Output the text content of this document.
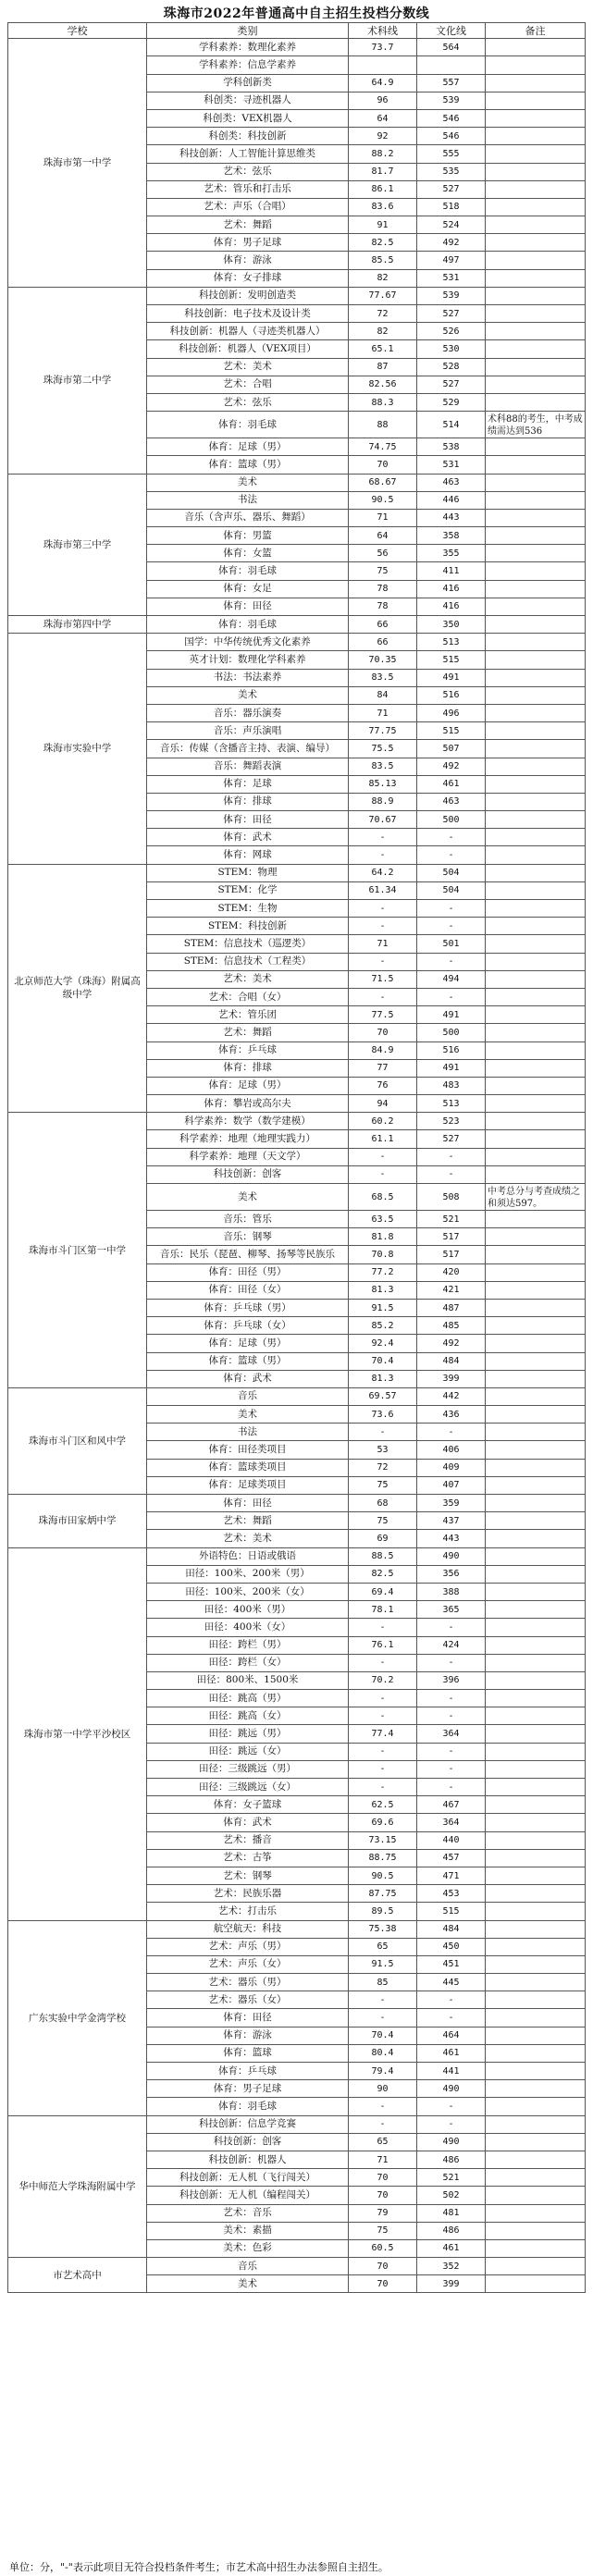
珠海市2022年普通高中自主招生投档分数线
学校	类别	术科线	文化线	备注
珠海市第一中学	学科素养：数理化素养	73.7	564	
	学科素养：信息学素养			
	学科创新类	64.9	557	
	科创类：寻迹机器人	96	539	
	科创类：VEX机器人	64	546	
	科创类：科技创新	92	546	
	科技创新：人工智能计算思维类	88.2	555	
	艺术：弦乐	81.7	535	
	艺术：管乐和打击乐	86.1	527	
	艺术：声乐（合唱）	83.6	518	
	艺术：舞蹈	91	524	
	体育：男子足球	82.5	492	
	体育：游泳	85.5	497	
	体育：女子排球	82	531	
珠海市第二中学	科技创新：发明创造类	77.67	539	
	科技创新：电子技术及设计类	72	527	
	科技创新：机器人（寻迹类机器人）	82	526	
	科技创新：机器人（VEX项目）	65.1	530	
	艺术：美术	87	528	
	艺术：合唱	82.56	527	
	艺术：弦乐	88.3	529	
	体育：羽毛球	88	514	术科88的考生，中考成绩需达到536
	体育：足球（男）	74.75	538	
	体育：篮球（男）	70	531	
珠海市第三中学	美术	68.67	463	
	书法	90.5	446	
	音乐（含声乐、器乐、舞蹈）	71	443	
	体育：男篮	64	358	
	体育：女篮	56	355	
	体育：羽毛球	75	411	
	体育：女足	78	416	
	体育：田径	78	416	
珠海市第四中学	体育：羽毛球	66	350	
珠海市实验中学	国学：中华传统优秀文化素养	66	513	
	英才计划：数理化学科素养	70.35	515	
	书法：书法素养	83.5	491	
	美术	84	516	
	音乐：器乐演奏	71	496	
	音乐：声乐演唱	77.75	515	
	音乐：传媒（含播音主持、表演、编导）	75.5	507	
	音乐：舞蹈表演	83.5	492	
	体育：足球	85.13	461	
	体育：排球	88.9	463	
	体育：田径	70.67	500	
	体育：武术	-	-	
	体育：网球	-	-	
北京师范大学（珠海）附属高级中学	STEM：物理	64.2	504	
	STEM：化学	61.34	504	
	STEM：生物	-	-	
	STEM：科技创新	-	-	
	STEM：信息技术（巡逻类）	71	501	
	STEM：信息技术（工程类）	-	-	
	艺术：美术	71.5	494	
	艺术：合唱（女）	-	-	
	艺术：管乐团	77.5	491	
	艺术：舞蹈	70	500	
	体育：乒乓球	84.9	516	
	体育：排球	77	491	
	体育：足球（男）	76	483	
	体育：攀岩或高尔夫	94	513	
珠海市斗门区第一中学	科学素养：数学（数学建模）	60.2	523	
	科学素养：地理（地理实践力）	61.1	527	
	科学素养：地理（天文学）	-	-	
	科技创新：创客	-	-	
	美术	68.5	508	中考总分与考查成绩之和须达597。
	音乐：管乐	63.5	521	
	音乐：钢琴	81.8	517	
	音乐：民乐（琵琶、柳琴、扬琴等民族乐	70.8	517	
	体育：田径（男）	77.2	420	
	体育：田径（女）	81.3	421	
	体育：乒乓球（男）	91.5	487	
	体育：乒乓球（女）	85.2	485	
	体育：足球（男）	92.4	492	
	体育：篮球（男）	70.4	484	
	体育：武术	81.3	399	
珠海市斗门区和风中学	音乐	69.57	442	
	美术	73.6	436	
	书法	-	-	
	体育：田径类项目	53	406	
	体育：篮球类项目	72	409	
	体育：足球类项目	75	407	
珠海市田家炳中学	体育：田径	68	359	
	艺术：舞蹈	75	437	
	艺术：美术	69	443	
珠海市第一中学平沙校区	外语特色：日语或俄语	88.5	490	
	田径：100米、200米（男）	82.5	356	
	田径：100米、200米（女）	69.4	388	
	田径：400米（男）	78.1	365	
	田径：400米（女）	-	-	
	田径：跨栏（男）	76.1	424	
	田径：跨栏（女）	-	-	
	田径：800米、1500米	70.2	396	
	田径：跳高（男）	-	-	
	田径：跳高（女）	-	-	
	田径：跳远（男）	77.4	364	
	田径：跳远（女）	-	-	
	田径：三级跳远（男）	-	-	
	田径：三级跳远（女）	-	-	
	体育：女子篮球	62.5	467	
	体育：武术	69.6	364	
	艺术：播音	73.15	440	
	艺术：古筝	88.75	457	
	艺术：钢琴	90.5	471	
	艺术：民族乐器	87.75	453	
	艺术：打击乐	89.5	515	
广东实验中学金湾学校	航空航天：科技	75.38	484	
	艺术：声乐（男）	65	450	
	艺术：声乐（女）	91.5	451	
	艺术：器乐（男）	85	445	
	艺术：器乐（女）	-	-	
	体育：田径	-	-	
	体育：游泳	70.4	464	
	体育：篮球	80.4	461	
	体育：乒乓球	79.4	441	
	体育：男子足球	90	490	
	体育：羽毛球	-	-	
华中师范大学珠海附属中学	科技创新：信息学竞赛	-	-	
	科技创新：创客	65	490	
	科技创新：机器人	71	486	
	科技创新：无人机（飞行闯关）	70	521	
	科技创新：无人机（编程闯关）	70	502	
	艺术：音乐	79	481	
	美术：素描	75	486	
	美术：色彩	60.5	461	
市艺术高中	音乐	70	352	
	美术	70	399	
单位：分，"-"表示此项目无符合投档条件考生；市艺术高中招生办法参照自主招生。
